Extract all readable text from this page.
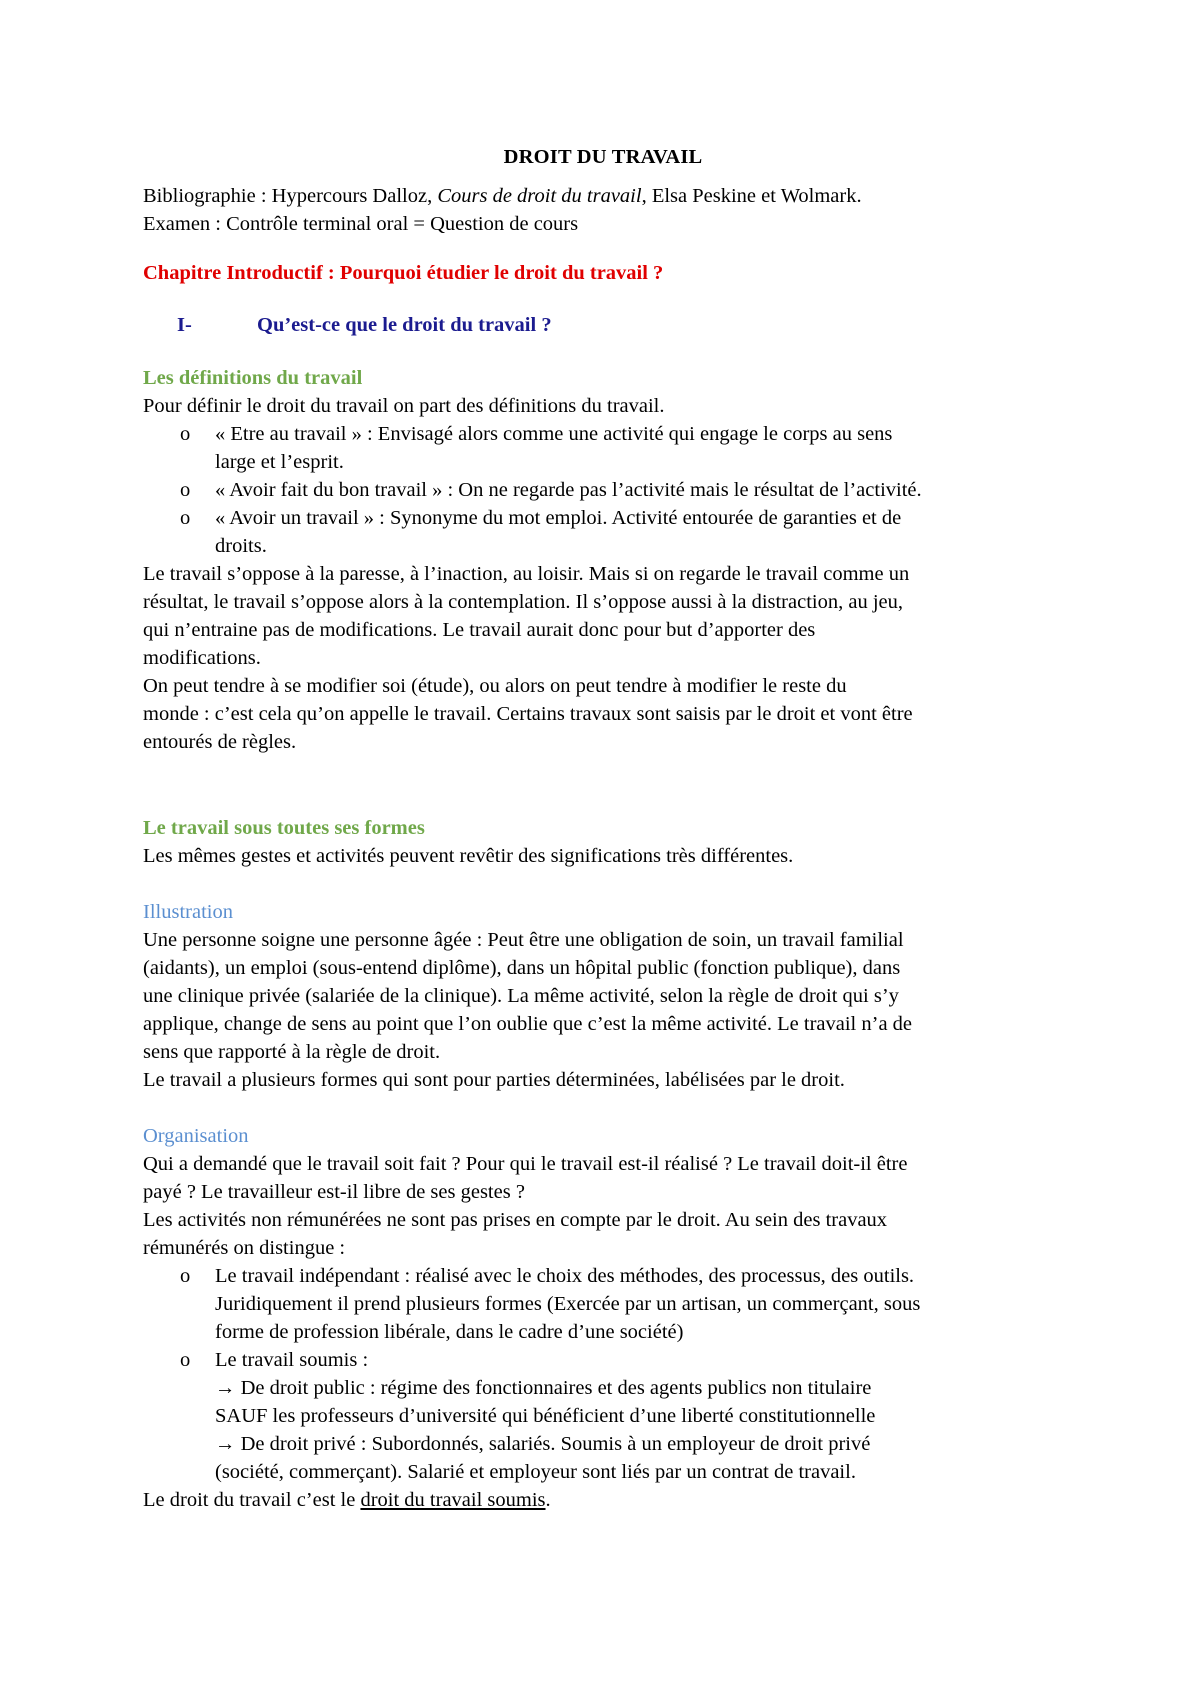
DROIT DU TRAVAIL
Bibliographie : Hypercours Dalloz, Cours de droit du travail, Elsa Peskine et Wolmark.
Examen : Contrôle terminal oral = Question de cours
Chapitre Introductif : Pourquoi étudier le droit du travail ?
I-	Qu’est-ce que le droit du travail ?
Les définitions du travail
Pour définir le droit du travail on part des définitions du travail.
o « Etre au travail » : Envisagé alors comme une activité qui engage le corps au sens
large et l’esprit.
o « Avoir fait du bon travail » : On ne regarde pas l’activité mais le résultat de l’activité.
o « Avoir un travail » : Synonyme du mot emploi. Activité entourée de garanties et de
droits.
Le travail s’oppose à la paresse, à l’inaction, au loisir. Mais si on regarde le travail comme un
résultat, le travail s’oppose alors à la contemplation. Il s’oppose aussi à la distraction, au jeu,
qui n’entraine pas de modifications. Le travail aurait donc pour but d’apporter des
modifications.
On peut tendre à se modifier soi (étude), ou alors on peut tendre à modifier le reste du
monde : c’est cela qu’on appelle le travail. Certains travaux sont saisis par le droit et vont être
entourés de règles.
Le travail sous toutes ses formes
Les mêmes gestes et activités peuvent revêtir des significations très différentes.
Illustration
Une personne soigne une personne âgée : Peut être une obligation de soin, un travail familial
(aidants), un emploi (sous-entend diplôme), dans un hôpital public (fonction publique), dans
une clinique privée (salariée de la clinique). La même activité, selon la règle de droit qui s’y
applique, change de sens au point que l’on oublie que c’est la même activité. Le travail n’a de
sens que rapporté à la règle de droit.
Le travail a plusieurs formes qui sont pour parties déterminées, labélisées par le droit.
Organisation
Qui a demandé que le travail soit fait ? Pour qui le travail est-il réalisé ? Le travail doit-il être
payé ? Le travailleur est-il libre de ses gestes ?
Les activités non rémunérées ne sont pas prises en compte par le droit. Au sein des travaux
rémunérés on distingue :
o Le travail indépendant : réalisé avec le choix des méthodes, des processus, des outils.
Juridiquement il prend plusieurs formes (Exercée par un artisan, un commerçant, sous
forme de profession libérale, dans le cadre d’une société)
o Le travail soumis :
→ De droit public : régime des fonctionnaires et des agents publics non titulaire
SAUF les professeurs d’université qui bénéficient d’une liberté constitutionnelle
→ De droit privé : Subordonnés, salariés. Soumis à un employeur de droit privé
(société, commerçant). Salarié et employeur sont liés par un contrat de travail.
Le droit du travail c’est le droit du travail soumis.
